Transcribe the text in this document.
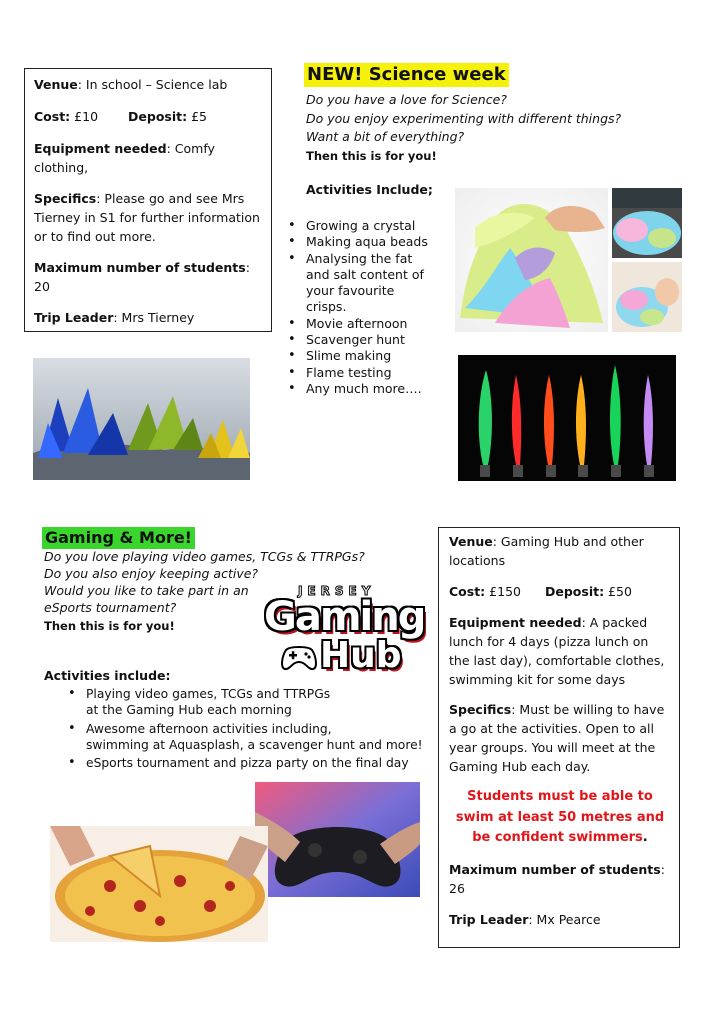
Venue: In school – Science lab

Cost: £10 Deposit: £5

Equipment needed: Comfy clothing,

Specifics: Please go and see Mrs Tierney in S1 for further information or to find out more.

Maximum number of students: 20

Trip Leader: Mrs Tierney

NEW! Science week
Do you have a love for Science?
Do you enjoy experimenting with different things?
Want a bit of everything?
Then this is for you!
Activities Include;
• Growing a crystal
• Making aqua beads
• Analysing the fat and salt content of your favourite crisps.
• Movie afternoon
• Scavenger hunt
• Slime making
• Flame testing
• Any much more….
Gaming & More!
Do you love playing video games, TCGs & TTRPGs?
Do you also enjoy keeping active?
Would you like to take part in an
eSports tournament?
Then this is for you!
JERSEY
Gaming
Hub
Activities include:
• Playing video games, TCGs and TTRPGs
at the Gaming Hub each morning
• Awesome afternoon activities including,
swimming at Aquasplash, a scavenger hunt and more!
• eSports tournament and pizza party on the final day

Venue: Gaming Hub and other locations

Cost: £150 Deposit: £50

Equipment needed: A packed lunch for 4 days (pizza lunch on the last day), comfortable clothes, swimming kit for some days

Specifics: Must be willing to have a go at the activities. Open to all year groups. You will meet at the Gaming Hub each day.

Students must be able to swim at least 50 metres and be confident swimmers.

Maximum number of students: 26

Trip Leader: Mx Pearce
